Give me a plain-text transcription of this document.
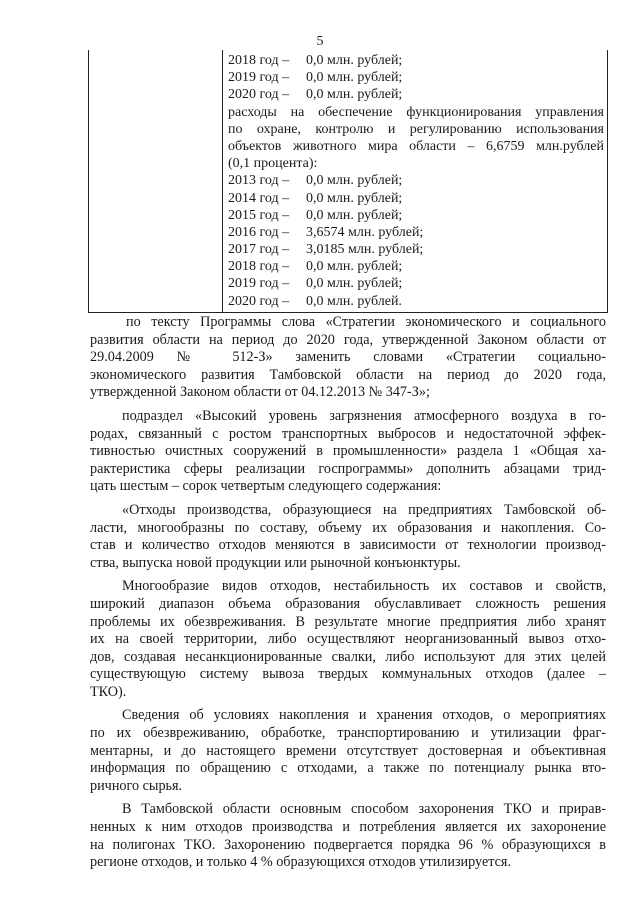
5
2018 год – 0,0 млн. рублей;
2019 год – 0,0 млн. рублей;
2020 год – 0,0 млн. рублей;
расходы на обеспечение функционирования управления
по охране, контролю и регулированию использования
объектов животного мира области – 6,6759 млн.рублей
(0,1 процента):
2013 год – 0,0 млн. рублей;
2014 год – 0,0 млн. рублей;
2015 год – 0,0 млн. рублей;
2016 год – 3,6574 млн. рублей;
2017 год – 3,0185 млн. рублей;
2018 год – 0,0 млн. рублей;
2019 год – 0,0 млн. рублей;
2020 год – 0,0 млн. рублей.
по тексту Программы слова «Стратегии экономического и социального
развития области на период до 2020 года, утвержденной Законом области от
29.04.2009 № 512-З» заменить словами «Стратегии социально-
экономического развития Тамбовской области на период до 2020 года,
утвержденной Законом области от 04.12.2013 № 347-З»;
подраздел «Высокий уровень загрязнения атмосферного воздуха в го-
родах, связанный с ростом транспортных выбросов и недостаточной эффек-
тивностью очистных сооружений в промышленности» раздела 1 «Общая ха-
рактеристика сферы реализации госпрограммы» дополнить абзацами трид-
цать шестым – сорок четвертым следующего содержания:
«Отходы производства, образующиеся на предприятиях Тамбовской об-
ласти, многообразны по составу, объему их образования и накопления. Со-
став и количество отходов меняются в зависимости от технологии производ-
ства, выпуска новой продукции или рыночной конъюнктуры.
Многообразие видов отходов, нестабильность их составов и свойств,
широкий диапазон объема образования обуславливает сложность решения
проблемы их обезвреживания. В результате многие предприятия либо хранят
их на своей территории, либо осуществляют неорганизованный вывоз отхо-
дов, создавая несанкционированные свалки, либо используют для этих целей
существующую систему вывоза твердых коммунальных отходов (далее –
ТКО).
Сведения об условиях накопления и хранения отходов, о мероприятиях
по их обезвреживанию, обработке, транспортированию и утилизации фраг-
ментарны, и до настоящего времени отсутствует достоверная и объективная
информация по обращению с отходами, а также по потенциалу рынка вто-
ричного сырья.
В Тамбовской области основным способом захоронения ТКО и прирав-
ненных к ним отходов производства и потребления является их захоронение
на полигонах ТКО. Захоронению подвергается порядка 96 % образующихся в
регионе отходов, и только 4 % образующихся отходов утилизируется.
